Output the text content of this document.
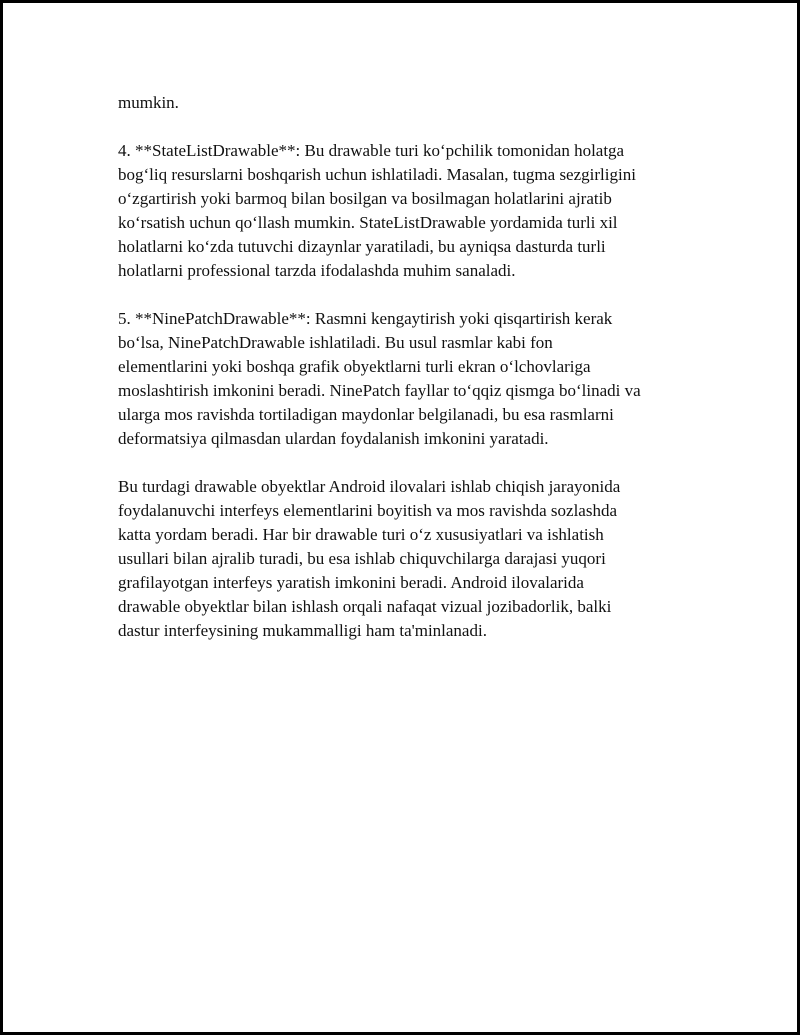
mumkin.

4. **StateListDrawable**: Bu drawable turi ko‘pchilik tomonidan holatga
bog‘liq resurslarni boshqarish uchun ishlatiladi. Masalan, tugma sezgirligini
o‘zgartirish yoki barmoq bilan bosilgan va bosilmagan holatlarini ajratib
ko‘rsatish uchun qo‘llash mumkin. StateListDrawable yordamida turli xil
holatlarni ko‘zda tutuvchi dizaynlar yaratiladi, bu ayniqsa dasturda turli
holatlarni professional tarzda ifodalashda muhim sanaladi.

5. **NinePatchDrawable**: Rasmni kengaytirish yoki qisqartirish kerak
bo‘lsa, NinePatchDrawable ishlatiladi. Bu usul rasmlar kabi fon
elementlarini yoki boshqa grafik obyektlarni turli ekran o‘lchovlariga
moslashtirish imkonini beradi. NinePatch fayllar to‘qqiz qismga bo‘linadi va
ularga mos ravishda tortiladigan maydonlar belgilanadi, bu esa rasmlarni
deformatsiya qilmasdan ulardan foydalanish imkonini yaratadi.

Bu turdagi drawable obyektlar Android ilovalari ishlab chiqish jarayonida
foydalanuvchi interfeys elementlarini boyitish va mos ravishda sozlashda
katta yordam beradi. Har bir drawable turi o‘z xususiyatlari va ishlatish
usullari bilan ajralib turadi, bu esa ishlab chiquvchilarga darajasi yuqori
grafilayotgan interfeys yaratish imkonini beradi. Android ilovalarida
drawable obyektlar bilan ishlash orqali nafaqat vizual jozibadorlik, balki
dastur interfeysining mukammalligi ham ta'minlanadi.
